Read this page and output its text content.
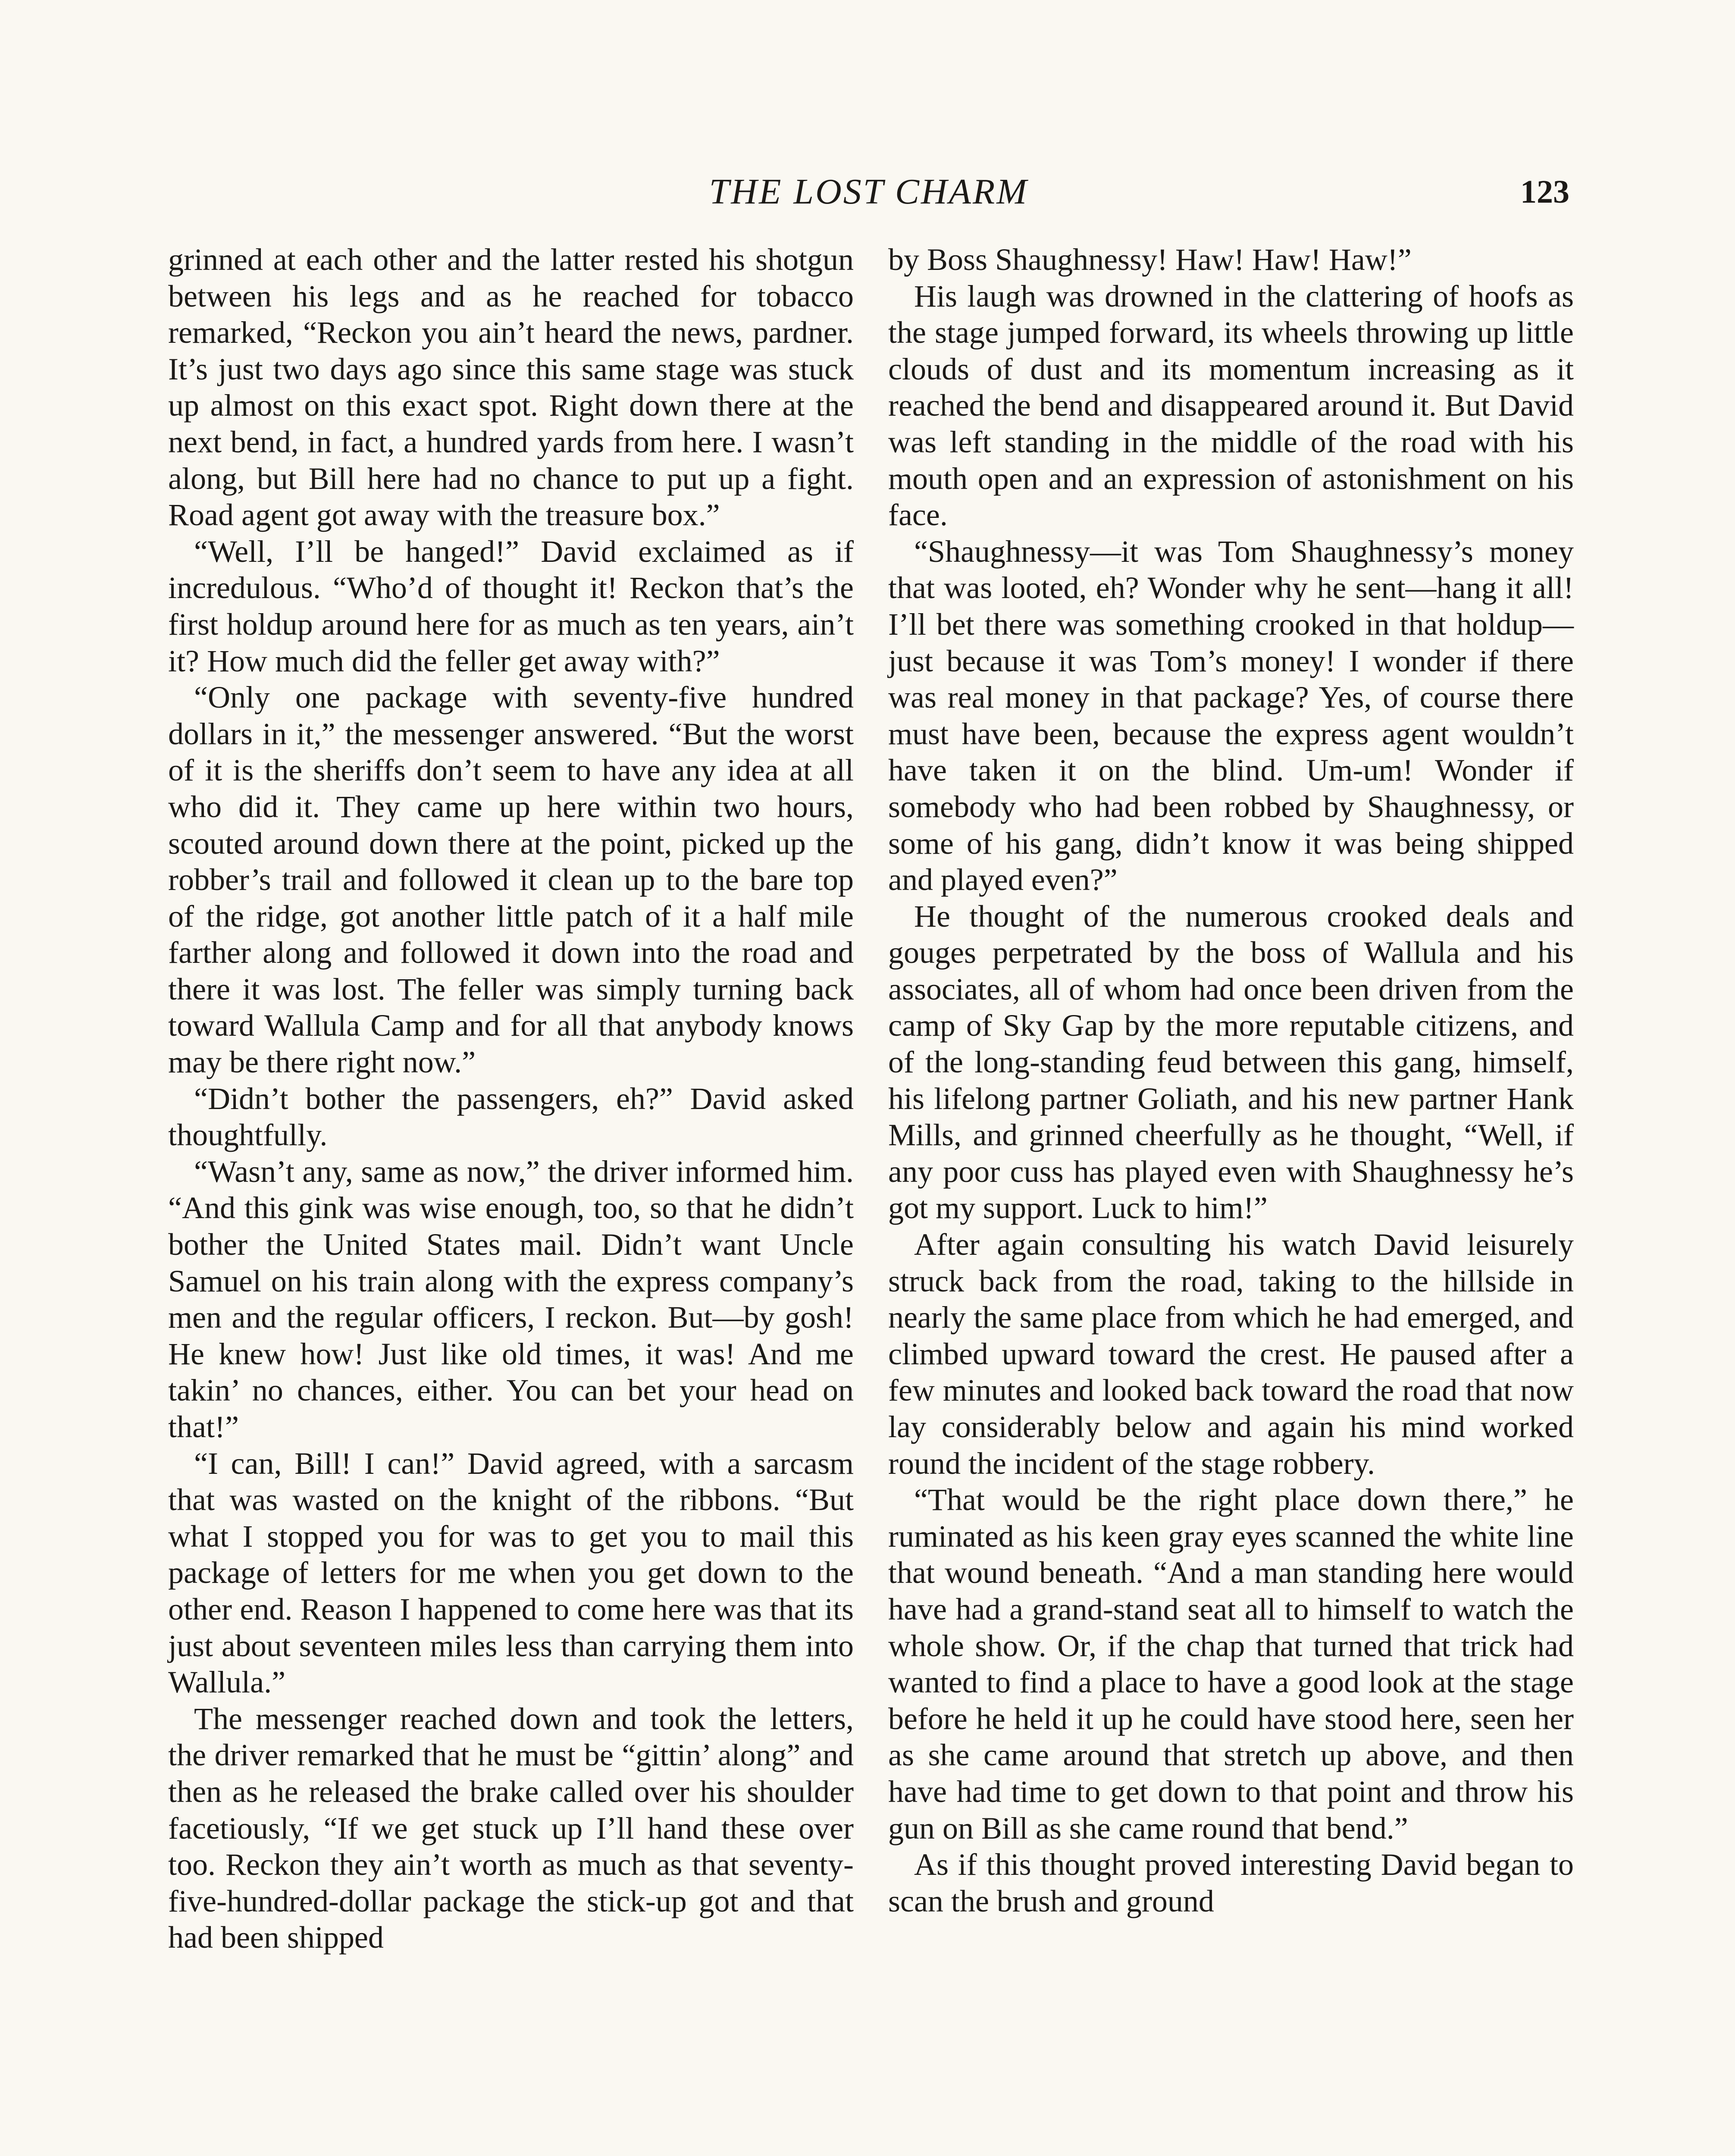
THE LOST CHARM	123

grinned at each other and the latter rested his shotgun between his legs and as he reached for tobacco remarked, “Reckon you ain’t heard the news, pardner. It’s just two days ago since this same stage was stuck up almost on this exact spot. Right down there at the next bend, in fact, a hundred yards from here. I wasn’t along, but Bill here had no chance to put up a fight. Road agent got away with the treasure box.”

“Well, I’ll be hanged!” David exclaimed as if incredulous. “Who’d of thought it! Reckon that’s the first holdup around here for as much as ten years, ain’t it? How much did the feller get away with?”

“Only one package with seventy-five hundred dollars in it,” the messenger answered. “But the worst of it is the sheriffs don’t seem to have any idea at all who did it. They came up here within two hours, scouted around down there at the point, picked up the robber’s trail and followed it clean up to the bare top of the ridge, got another little patch of it a half mile farther along and followed it down into the road and there it was lost. The feller was simply turning back toward Wallula Camp and for all that anybody knows may be there right now.”

“Didn’t bother the passengers, eh?” David asked thoughtfully.

“Wasn’t any, same as now,” the driver informed him. “And this gink was wise enough, too, so that he didn’t bother the United States mail. Didn’t want Uncle Samuel on his train along with the express company’s men and the regular officers, I reckon. But—by gosh! He knew how! Just like old times, it was! And me takin’ no chances, either. You can bet your head on that!”

“I can, Bill! I can!” David agreed, with a sarcasm that was wasted on the knight of the ribbons. “But what I stopped you for was to get you to mail this package of letters for me when you get down to the other end. Reason I happened to come here was that its just about seventeen miles less than carrying them into Wallula.”

The messenger reached down and took the letters, the driver remarked that he must be “gittin’ along” and then as he released the brake called over his shoulder facetiously, “If we get stuck up I’ll hand these over too. Reckon they ain’t worth as much as that seventy-five-hundred-dollar package the stick-up got and that had been shipped

by Boss Shaughnessy! Haw! Haw! Haw!”

His laugh was drowned in the clattering of hoofs as the stage jumped forward, its wheels throwing up little clouds of dust and its momentum increasing as it reached the bend and disappeared around it. But David was left standing in the middle of the road with his mouth open and an expression of astonishment on his face.

“Shaughnessy—it was Tom Shaughnessy’s money that was looted, eh? Wonder why he sent—hang it all! I’ll bet there was something crooked in that holdup—just because it was Tom’s money! I wonder if there was real money in that package? Yes, of course there must have been, because the express agent wouldn’t have taken it on the blind. Um-um! Wonder if somebody who had been robbed by Shaughnessy, or some of his gang, didn’t know it was being shipped and played even?”

He thought of the numerous crooked deals and gouges perpetrated by the boss of Wallula and his associates, all of whom had once been driven from the camp of Sky Gap by the more reputable citizens, and of the long-standing feud between this gang, himself, his lifelong partner Goliath, and his new partner Hank Mills, and grinned cheerfully as he thought, “Well, if any poor cuss has played even with Shaughnessy he’s got my support. Luck to him!”

After again consulting his watch David leisurely struck back from the road, taking to the hillside in nearly the same place from which he had emerged, and climbed upward toward the crest. He paused after a few minutes and looked back toward the road that now lay considerably below and again his mind worked round the incident of the stage robbery.

“That would be the right place down there,” he ruminated as his keen gray eyes scanned the white line that wound beneath. “And a man standing here would have had a grand-stand seat all to himself to watch the whole show. Or, if the chap that turned that trick had wanted to find a place to have a good look at the stage before he held it up he could have stood here, seen her as she came around that stretch up above, and then have had time to get down to that point and throw his gun on Bill as she came round that bend.”

As if this thought proved interesting David began to scan the brush and ground
